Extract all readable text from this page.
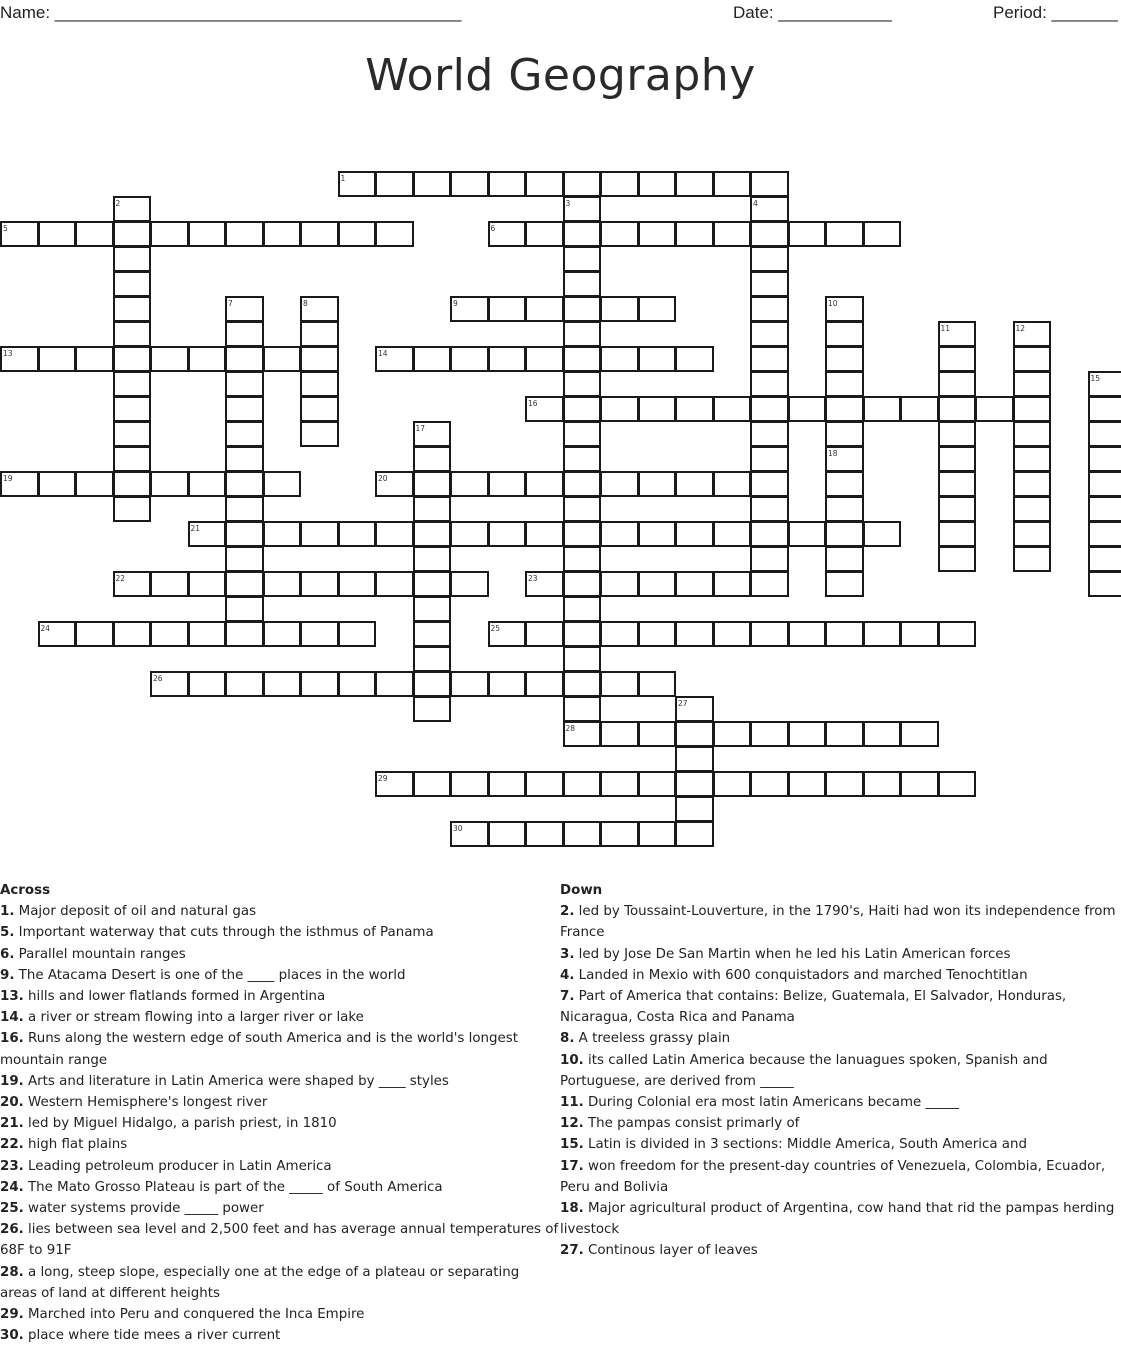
Name: ___________________________________________	Date: ____________	Period: _______
World Geography
1
5	6
9
13	14
16
19	20
21
22	23
24	25
26
28
29
30
2	3	4
7	8	10
11	12
15
17
18
27
Across
1. Major deposit of oil and natural gas
5. Important waterway that cuts through the isthmus of Panama
6. Parallel mountain ranges
9. The Atacama Desert is one of the ____ places in the world
13. hills and lower flatlands formed in Argentina
14. a river or stream flowing into a larger river or lake
16. Runs along the western edge of south America and is the world's longest mountain range
19. Arts and literature in Latin America were shaped by ____ styles
20. Western Hemisphere's longest river
21. led by Miguel Hidalgo, a parish priest, in 1810
22. high flat plains
23. Leading petroleum producer in Latin America
24. The Mato Grosso Plateau is part of the _____ of South America
25. water systems provide _____ power
26. lies between sea level and 2,500 feet and has average annual temperatures of 68F to 91F
28. a long, steep slope, especially one at the edge of a plateau or separating areas of land at different heights
29. Marched into Peru and conquered the Inca Empire
30. place where tide mees a river current
Down
2. led by Toussaint-Louverture, in the 1790's, Haiti had won its independence from France
3. led by Jose De San Martin when he led his Latin American forces
4. Landed in Mexio with 600 conquistadors and marched Tenochtitlan
7. Part of America that contains: Belize, Guatemala, El Salvador, Honduras, Nicaragua, Costa Rica and Panama
8. A treeless grassy plain
10. its called Latin America because the lanuagues spoken, Spanish and Portuguese, are derived from _____
11. During Colonial era most latin Americans became _____
12. The pampas consist primarly of
15. Latin is divided in 3 sections: Middle America, South America and
17. won freedom for the present-day countries of Venezuela, Colombia, Ecuador, Peru and Bolivia
18. Major agricultural product of Argentina, cow hand that rid the pampas herding livestock
27. Continous layer of leaves
